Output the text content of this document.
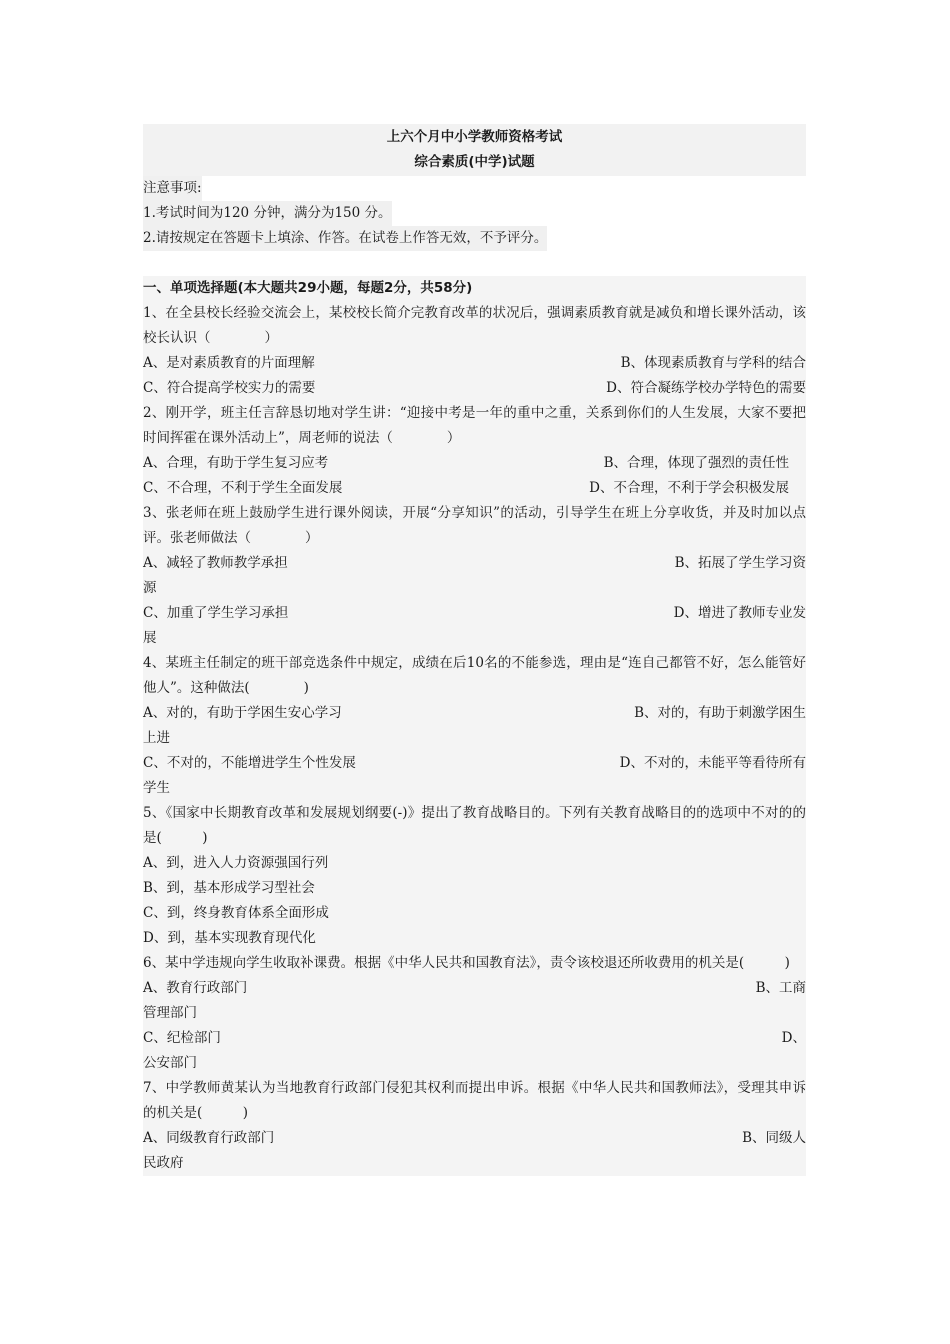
上六个月中小学教师资格考试
综合素质(中学)试题
注意事项:
1.考试时间为120 分钟，满分为150 分。
2.请按规定在答题卡上填涂、作答。在试卷上作答无效，不予评分。
一、单项选择题(本大题共29小题，每题2分，共58分)
1、在全县校长经验交流会上，某校校长简介完教育改革的状况后，强调素质教育就是减负和增长课外活动，该校长认识（　　　　）
A、是对素质教育的片面理解	B、体现素质教育与学科的结合
C、符合提高学校实力的需要	D、符合凝练学校办学特色的需要
2、刚开学，班主任言辞恳切地对学生讲：“迎接中考是一年的重中之重，关系到你们的人生发展，大家不要把时间挥霍在课外活动上”，周老师的说法（　　　　）
A、合理，有助于学生复习应考	B、合理，体现了强烈的责任性
C、不合理，不利于学生全面发展	D、不合理，不利于学会积极发展
3、张老师在班上鼓励学生进行课外阅读，开展“分享知识”的活动，引导学生在班上分享收货，并及时加以点评。张老师做法（　　　　）
A、减轻了教师教学承担	B、拓展了学生学习资
源
C、加重了学生学习承担	D、增进了教师专业发
展
4、某班主任制定的班干部竞选条件中规定，成绩在后10名的不能参选，理由是“连自己都管不好，怎么能管好他人”。这种做法(　　　　)
A、对的，有助于学困生安心学习	B、对的，有助于刺激学困生
上进
C、不对的，不能增进学生个性发展	D、不对的，未能平等看待所有
学生
5、《国家中长期教育改革和发展规划纲要(-)》提出了教育战略目的。下列有关教育战略目的的选项中不对的的是(　　　)
A、到，进入人力资源强国行列
B、到，基本形成学习型社会
C、到，终身教育体系全面形成
D、到，基本实现教育现代化
6、某中学违规向学生收取补课费。根据《中华人民共和国教育法》，责令该校退还所收费用的机关是(　　　)
A、教育行政部门	B、工商
管理部门
C、纪检部门	D、
公安部门
7、中学教师黄某认为当地教育行政部门侵犯其权利而提出申诉。根据《中华人民共和国教师法》，受理其申诉的机关是(　　　)
A、同级教育行政部门	B、同级人
民政府
